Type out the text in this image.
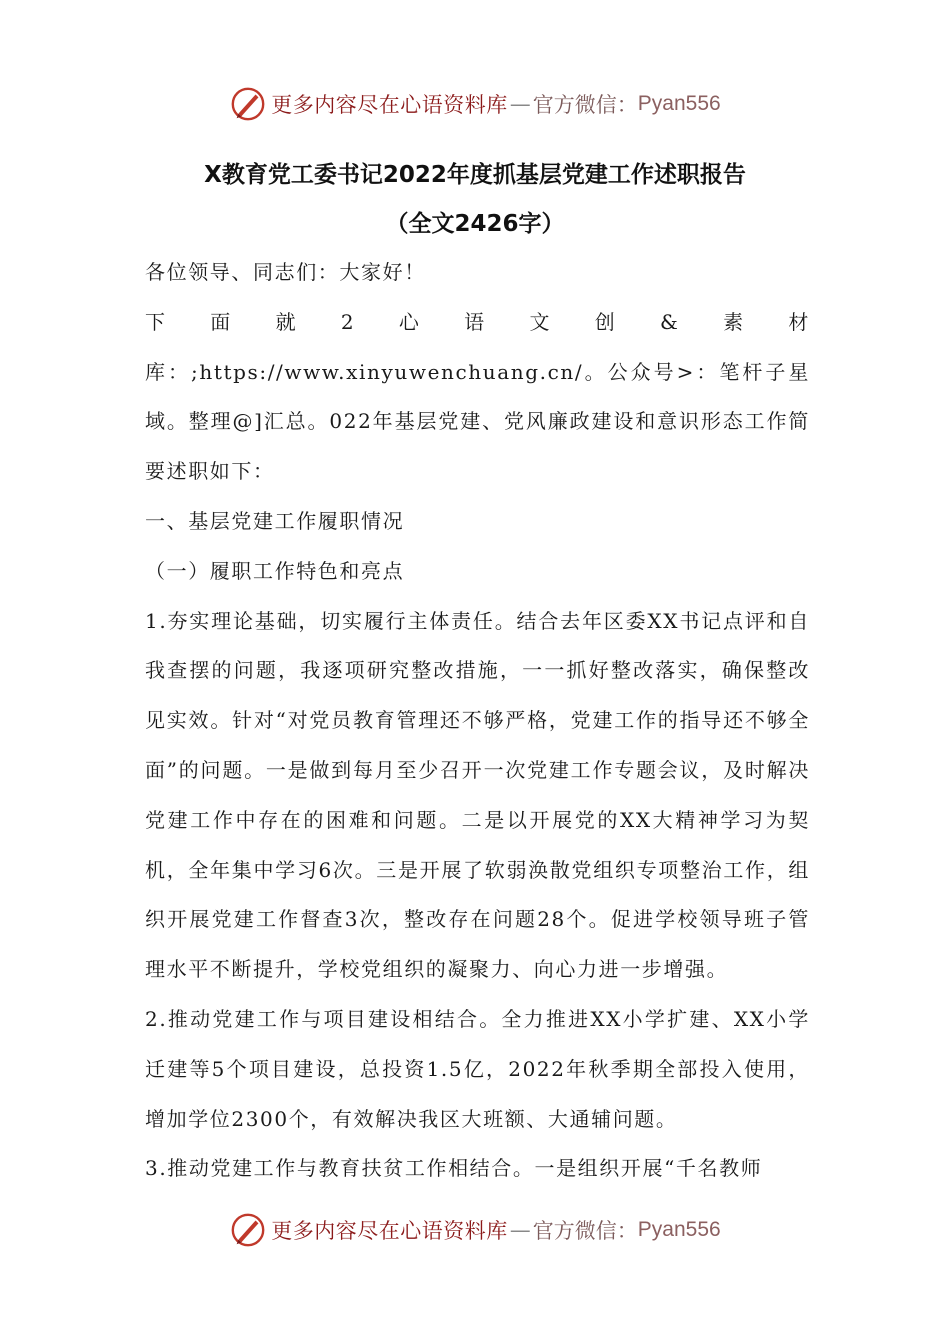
更多内容尽在心语资料库 — 官方微信： Pyan556
X教育党工委书记2022年度抓基层党建工作述职报告
（全文2426字）

各位领导、同志们：大家好！

下面就2心语文创&素材库：;https://www.xinyuwenchuang.cn/。公众号>：笔杆子星域。整理@]汇总。022年基层党建、党风廉政建设和意识形态工作简要述职如下：

一、基层党建工作履职情况

（一）履职工作特色和亮点

1.夯实理论基础，切实履行主体责任。结合去年区委XX书记点评和自我查摆的问题，我逐项研究整改措施，一一抓好整改落实，确保整改见实效。针对“对党员教育管理还不够严格，党建工作的指导还不够全面”的问题。一是做到每月至少召开一次党建工作专题会议，及时解决党建工作中存在的困难和问题。二是以开展党的XX大精神学习为契机，全年集中学习6次。三是开展了软弱涣散党组织专项整治工作，组织开展党建工作督查3次，整改存在问题28个。促进学校领导班子管理水平不断提升，学校党组织的凝聚力、向心力进一步增强。

2.推动党建工作与项目建设相结合。全力推进XX小学扩建、XX小学迁建等5个项目建设，总投资1.5亿，2022年秋季期全部投入使用，增加学位2300个，有效解决我区大班额、大通辅问题。

3.推动党建工作与教育扶贫工作相结合。一是组织开展“千名教师

更多内容尽在心语资料库 — 官方微信： Pyan556
